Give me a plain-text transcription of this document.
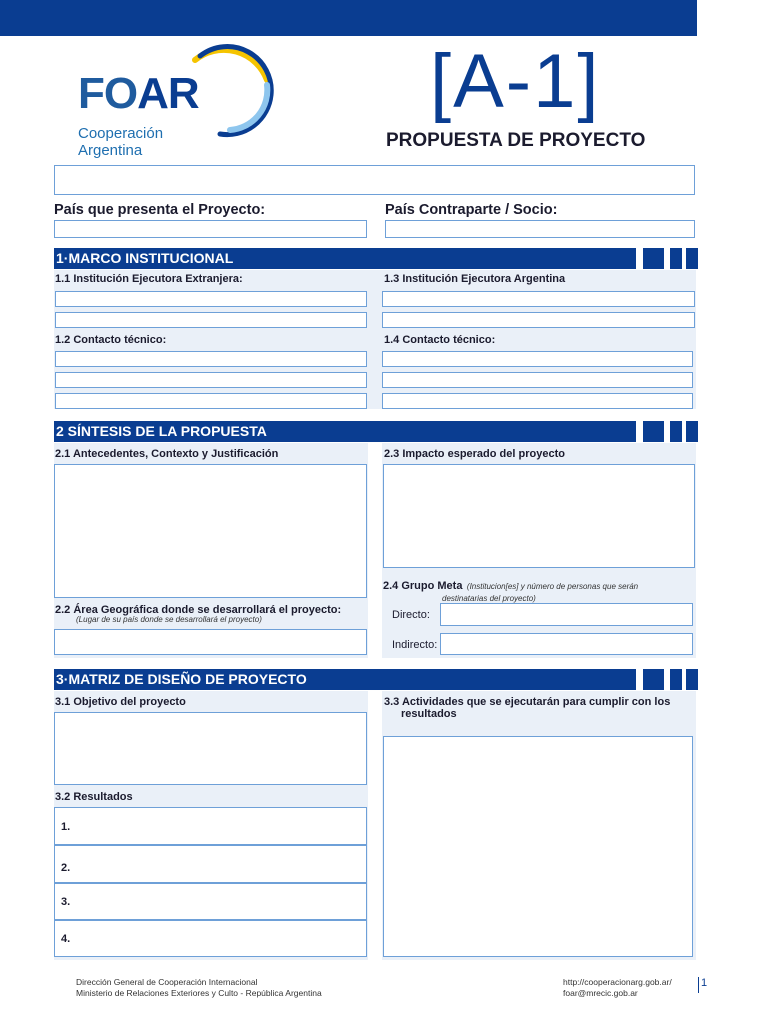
FOAR
Cooperación
Argentina
[A-1]
PROPUESTA DE PROYECTO
País que presenta el Proyecto:	País Contraparte / Socio:
1·MARCO INSTITUCIONAL
1.1 Institución Ejecutora Extranjera:	1.3 Institución Ejecutora Argentina
1.2 Contacto técnico:	1.4 Contacto técnico:
2 SÍNTESIS DE LA PROPUESTA
2.1 Antecedentes, Contexto y Justificación	2.3 Impacto esperado del proyecto
2.4 Grupo Meta (Institucion[es] y número de personas que serán
destinatarias del proyecto)
Directo:
Indirecto:
2.2 Área Geográfica donde se desarrollará el proyecto:
(Lugar de su país donde se desarrollará el proyecto)
3·MATRIZ DE DISEÑO DE PROYECTO
3.1 Objetivo del proyecto	3.3 Actividades que se ejecutarán para cumplir con los
resultados
3.2 Resultados
1.
2.
3.
4.
Dirección General de Cooperación Internacional
Ministerio de Relaciones Exteriores y Culto - República Argentina
http://cooperacionarg.gob.ar/
foar@mrecic.gob.ar
1
